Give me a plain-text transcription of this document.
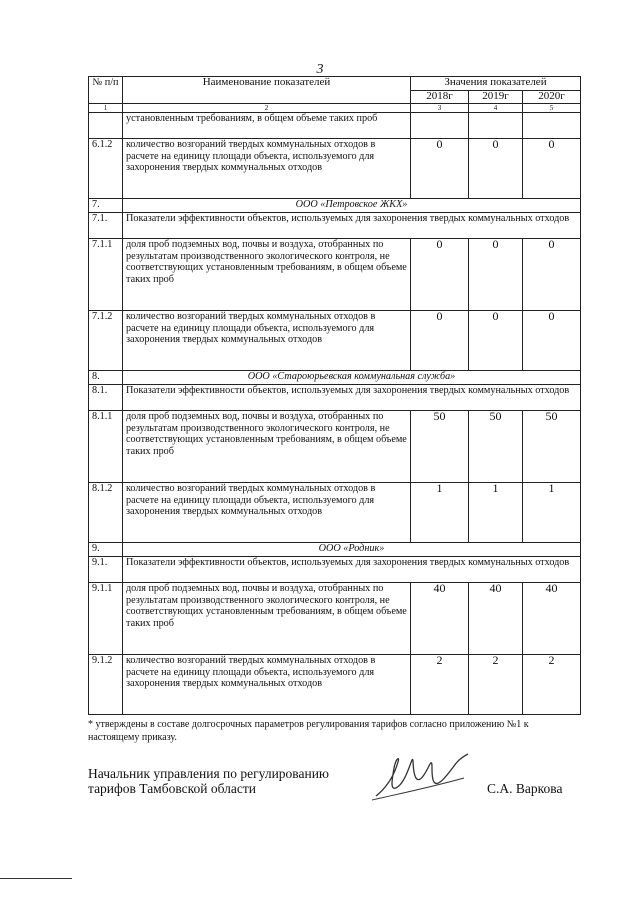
3
№ п/п	Наименование показателей	Значения показателей		
		2018г	2019г	2020г
1	2	3	4	5
	установленным требованиям, в общем объеме таких проб			
6.1.2	количество возгораний твердых коммунальных отходов в расчете на единицу площади объекта, используемого для захоронения твердых коммунальных отходов	0	0	0
7.	ООО «Петровское ЖКХ»			
7.1.	Показатели эффективности объектов, используемых для захоронения твердых коммунальных отходов			
7.1.1	доля проб подземных вод, почвы и воздуха, отобранных по результатам производственного экологического контроля, не соответствующих установленным требованиям, в общем объеме таких проб	0	0	0
7.1.2	количество возгораний твердых коммунальных отходов в расчете на единицу площади объекта, используемого для захоронения твердых коммунальных отходов	0	0	0
8.	ООО «Староюрьевская коммунальная служба»			
8.1.	Показатели эффективности объектов, используемых для захоронения твердых коммунальных отходов			
8.1.1	доля проб подземных вод, почвы и воздуха, отобранных по результатам производственного экологического контроля, не соответствующих установленным требованиям, в общем объеме таких проб	50	50	50
8.1.2	количество возгораний твердых коммунальных отходов в расчете на единицу площади объекта, используемого для захоронения твердых коммунальных отходов	1	1	1
9.	ООО «Родник»			
9.1.	Показатели эффективности объектов, используемых для захоронения твердых коммунальных отходов			
9.1.1	доля проб подземных вод, почвы и воздуха, отобранных по результатам производственного экологического контроля, не соответствующих установленным требованиям, в общем объеме таких проб	40	40	40
9.1.2	количество возгораний твердых коммунальных отходов в расчете на единицу площади объекта, используемого для захоронения твердых коммунальных отходов	2	2	2
* утверждены в составе долгосрочных параметров регулирования тарифов согласно приложению №1 к настоящему приказу.
Начальник управления по регулированию
тарифов Тамбовской области	С.А. Варкова
